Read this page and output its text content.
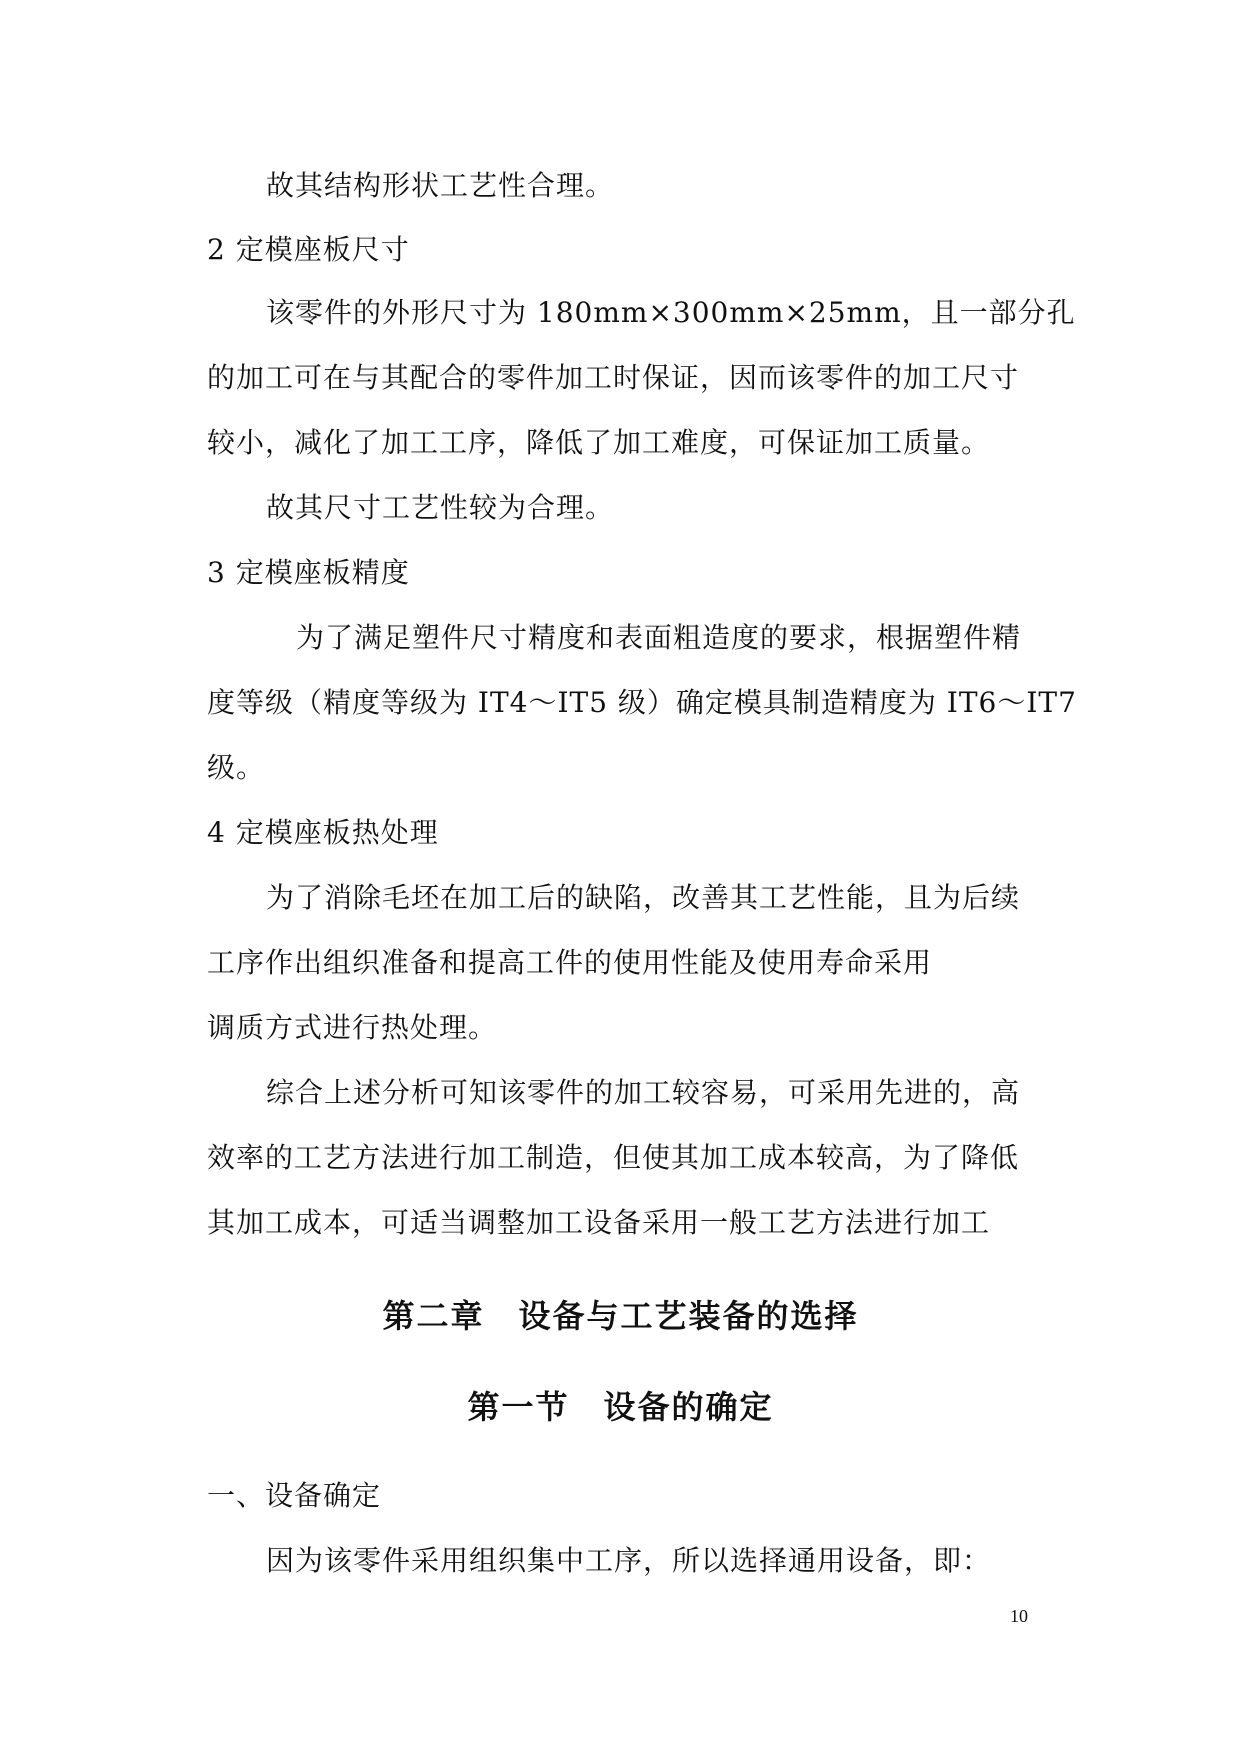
故其结构形状工艺性合理。
2 定模座板尺寸
该零件的外形尺寸为 180mm×300mm×25mm，且一部分孔
的加工可在与其配合的零件加工时保证，因而该零件的加工尺寸
较小，减化了加工工序，降低了加工难度，可保证加工质量。
故其尺寸工艺性较为合理。
3 定模座板精度
为了满足塑件尺寸精度和表面粗造度的要求，根据塑件精
度等级（精度等级为 IT4～IT5 级）确定模具制造精度为 IT6～IT7
级。
4 定模座板热处理
为了消除毛坯在加工后的缺陷，改善其工艺性能，且为后续
工序作出组织准备和提高工件的使用性能及使用寿命采用
调质方式进行热处理。
综合上述分析可知该零件的加工较容易，可采用先进的，高
效率的工艺方法进行加工制造，但使其加工成本较高，为了降低
其加工成本，可适当调整加工设备采用一般工艺方法进行加工
第二章　设备与工艺装备的选择
第一节　设备的确定
一、设备确定
因为该零件采用组织集中工序，所以选择通用设备，即：
10
